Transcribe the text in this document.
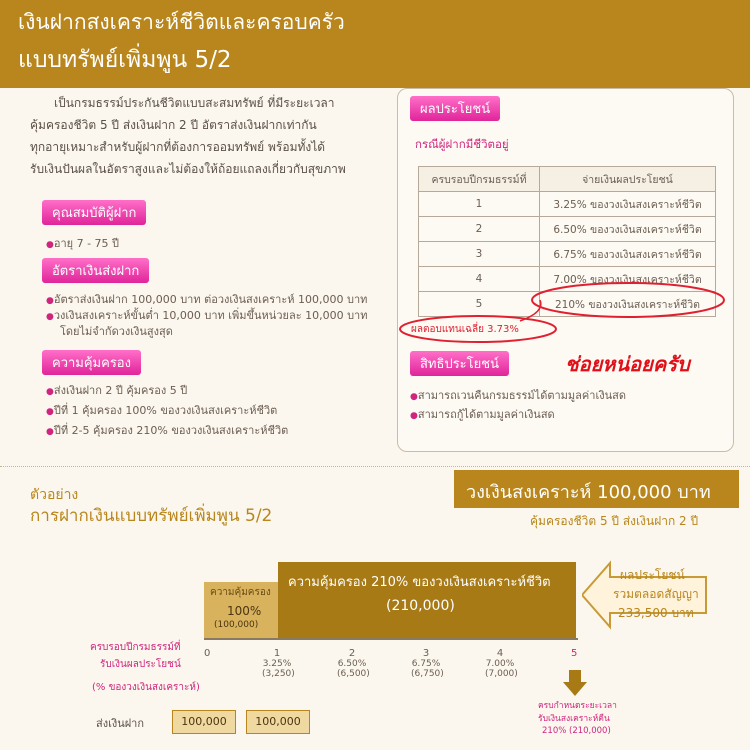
เงินฝากสงเคราะห์ชีวิตและครอบครัว
แบบทรัพย์เพิ่มพูน 5/2
เป็นกรมธรรม์ประกันชีวิตแบบสะสมทรัพย์ ที่มีระยะเวลา
คุ้มครองชีวิต 5 ปี ส่งเงินฝาก 2 ปี อัตราส่งเงินฝากเท่ากัน
ทุกอายุเหมาะสำหรับผู้ฝากที่ต้องการออมทรัพย์ พร้อมทั้งได้
รับเงินปันผลในอัตราสูงและไม่ต้องให้ถ้อยแถลงเกี่ยวกับสุขภาพ
คุณสมบัติผู้ฝาก
● อายุ 7 - 75 ปี
อัตราเงินส่งฝาก
● อัตราส่งเงินฝาก 100,000 บาท ต่อวงเงินสงเคราะห์ 100,000 บาท
● วงเงินสงเคราะห์ขั้นต่ำ 10,000 บาท เพิ่มขึ้นหน่วยละ 10,000 บาท
โดยไม่จำกัดวงเงินสูงสุด
ความคุ้มครอง
● ส่งเงินฝาก 2 ปี คุ้มครอง 5 ปี
● ปีที่ 1 คุ้มครอง 100% ของวงเงินสงเคราะห์ชีวิต
● ปีที่ 2-5 คุ้มครอง 210% ของวงเงินสงเคราะห์ชีวิต
ผลประโยชน์
กรณีผู้ฝากมีชีวิตอยู่
ครบรอบปีกรมธรรม์ที่	จ่ายเงินผลประโยชน์
1	3.25% ของวงเงินสงเคราะห์ชีวิต
2	6.50% ของวงเงินสงเคราะห์ชีวิต
3	6.75% ของวงเงินสงเคราะห์ชีวิต
4	7.00% ของวงเงินสงเคราะห์ชีวิต
5	210% ของวงเงินสงเคราะห์ชีวิต
ผลตอบแทนเฉลี่ย 3.73%
ช่อยหน่อยครับ
สิทธิประโยชน์
● สามารถเวนคืนกรมธรรม์ได้ตามมูลค่าเงินสด
● สามารถกู้ได้ตามมูลค่าเงินสด
ตัวอย่าง
การฝากเงินแบบทรัพย์เพิ่มพูน 5/2
วงเงินสงเคราะห์ 100,000 บาท
คุ้มครองชีวิต 5 ปี ส่งเงินฝาก 2 ปี
ความคุ้มครอง
100%
(100,000)
ความคุ้มครอง 210% ของวงเงินสงเคราะห์ชีวิต
(210,000)
ผลประโยชน์
รวมตลอดสัญญา
233,500 บาท
ครบรอบปีกรมธรรม์ที่
รับเงินผลประโยชน์
(% ของวงเงินสงเคราะห์)
0	1
3.25%
(3,250)
2
6.50%
(6,500)
3
6.75%
(6,750)
4
7.00%
(7,000)
5
ครบกำหนดระยะเวลา
รับเงินสงเคราะห์คืน
210% (210,000)
ส่งเงินฝาก	100,000	100,000
